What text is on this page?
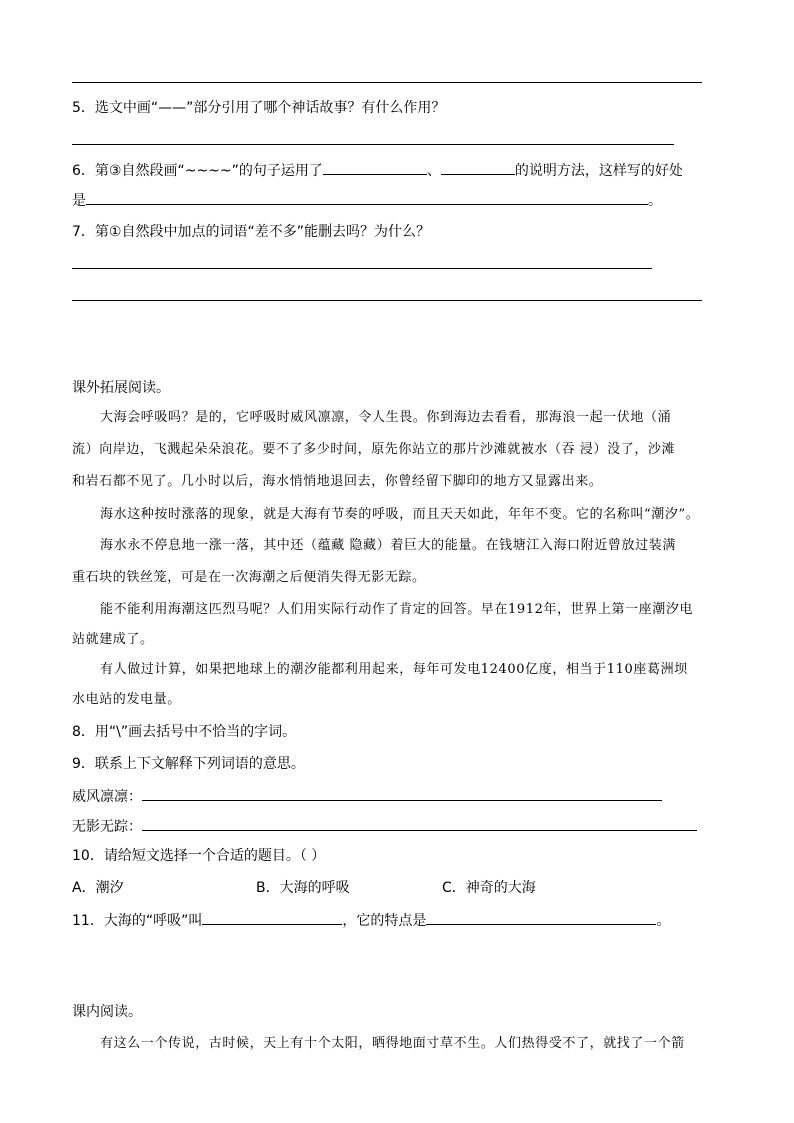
5．选文中画“——”部分引用了哪个神话故事？有什么作用？
6．第③自然段画“~~~~”的句子运用了	、	的说明方法，这样写的好处
是	。
7．第①自然段中加点的词语“差不多”能删去吗？为什么？
课外拓展阅读。
大海会呼吸吗？是的，它呼吸时威风凛凛，令人生畏。你到海边去看看，那海浪一起一伏地（涌
流）向岸边，飞溅起朵朵浪花。要不了多少时间，原先你站立的那片沙滩就被水（吞 浸）没了，沙滩
和岩石都不见了。几小时以后，海水悄悄地退回去，你曾经留下脚印的地方又显露出来。
海水这种按时涨落的现象，就是大海有节奏的呼吸，而且天天如此，年年不变。它的名称叫“潮汐”。
海水永不停息地一涨一落，其中还（蕴藏 隐藏）着巨大的能量。在钱塘江入海口附近曾放过装满
重石块的铁丝笼，可是在一次海潮之后便消失得无影无踪。
能不能利用海潮这匹烈马呢？人们用实际行动作了肯定的回答。早在1912年，世界上第一座潮汐电
站就建成了。
有人做过计算，如果把地球上的潮汐能都利用起来，每年可发电12400亿度，相当于110座葛洲坝
水电站的发电量。
8．用“\”画去括号中不恰当的字词。
9．联系上下文解释下列词语的意思。
威风凛凛：
无影无踪：
10．请给短文选择一个合适的题目。（ ）
A．潮汐	B．大海的呼吸	C．神奇的大海
11．大海的“呼吸”叫	，它的特点是	。
课内阅读。
有这么一个传说，古时候，天上有十个太阳，晒得地面寸草不生。人们热得受不了，就找了一个箭
